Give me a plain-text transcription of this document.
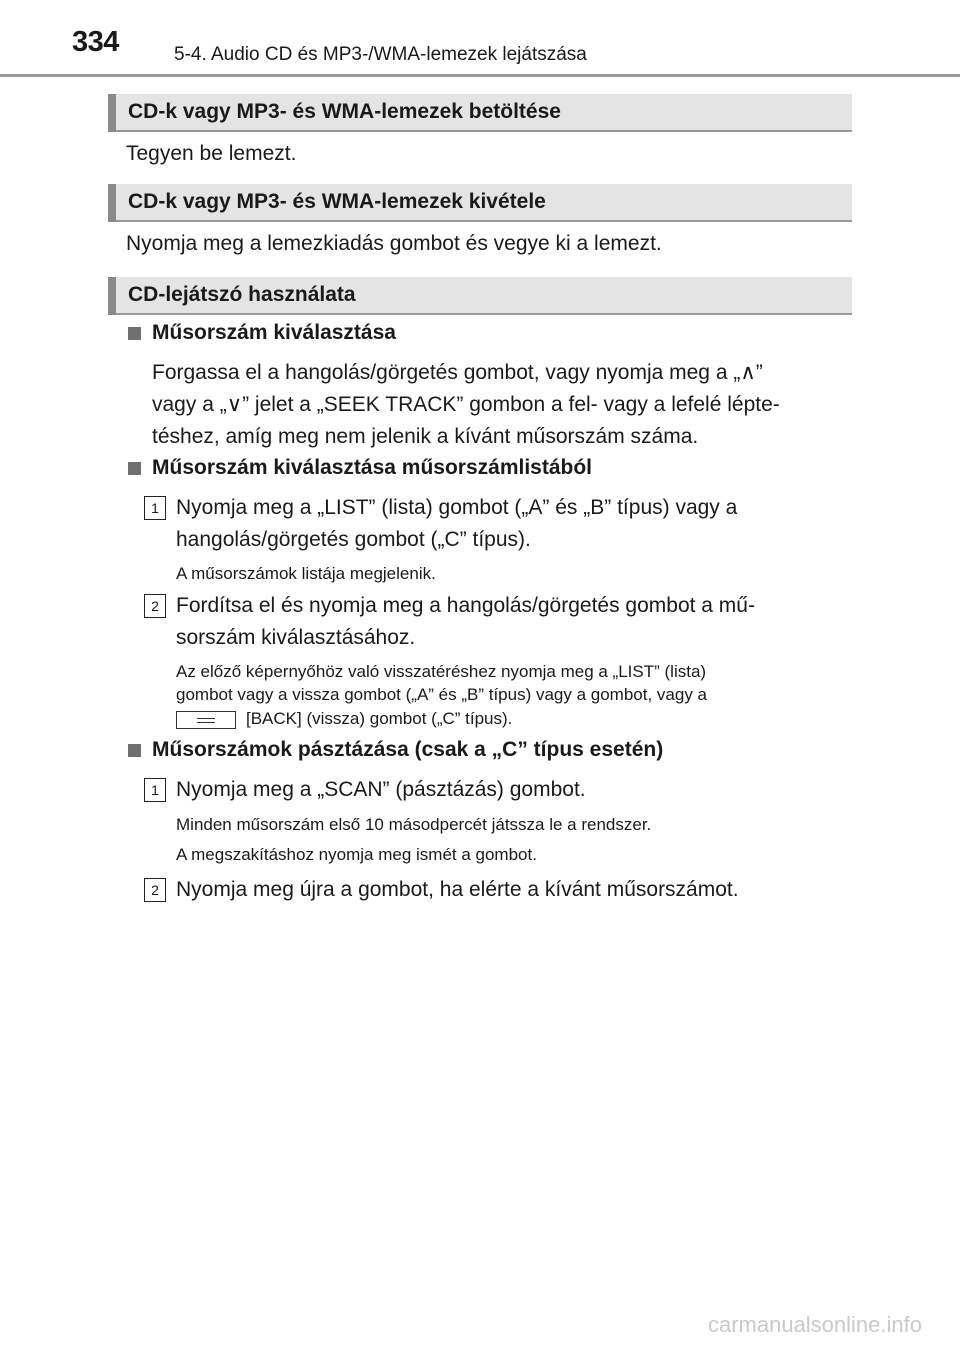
334	5-4. Audio CD és MP3-/WMA-lemezek lejátszása
CD-k vagy MP3- és WMA-lemezek betöltése
Tegyen be lemezt.
CD-k vagy MP3- és WMA-lemezek kivétele
Nyomja meg a lemezkiadás gombot és vegye ki a lemezt.
CD-lejátszó használata
Műsorszám kiválasztása
Forgassa el a hangolás/görgetés gombot, vagy nyomja meg a „∧”
vagy a „∨” jelet a „SEEK TRACK” gombon a fel- vagy a lefelé lépte-
téshez, amíg meg nem jelenik a kívánt műsorszám száma.
Műsorszám kiválasztása műsorszámlistából
1 Nyomja meg a „LIST” (lista) gombot („A” és „B” típus) vagy a
hangolás/görgetés gombot („C” típus).
A műsorszámok listája megjelenik.
2 Fordítsa el és nyomja meg a hangolás/görgetés gombot a mű-
sorszám kiválasztásához.
Az előző képernyőhöz való visszatéréshez nyomja meg a „LIST” (lista)
gombot vagy a vissza gombot („A” és „B” típus) vagy a gombot, vagy a
[BACK] (vissza) gombot („C” típus).
Műsorszámok pásztázása (csak a „C” típus esetén)
1 Nyomja meg a „SCAN” (pásztázás) gombot.
Minden műsorszám első 10 másodpercét játssza le a rendszer.
A megszakításhoz nyomja meg ismét a gombot.
2 Nyomja meg újra a gombot, ha elérte a kívánt műsorszámot.
carmanualsonline.info
